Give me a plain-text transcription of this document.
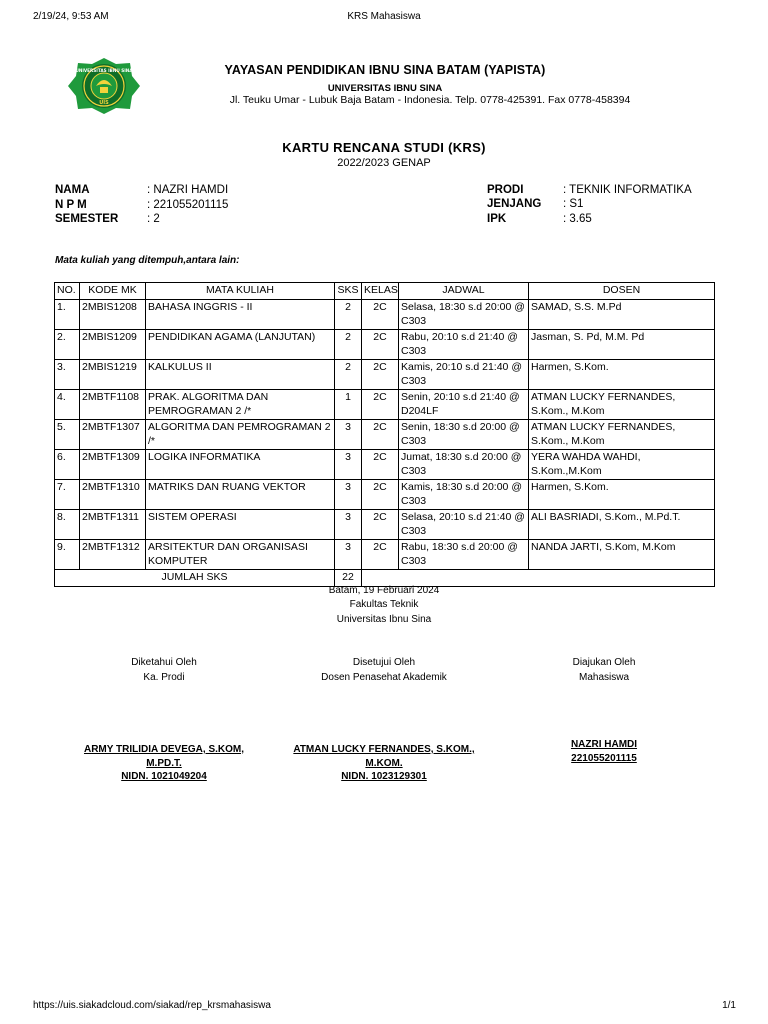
2/19/24, 9:53 AM	KRS Mahasiswa
https://uis.siakadcloud.com/siakad/rep_krsmahasiswa	1/1
UNIVERSITAS IBNU SINA
UIS
YAYASAN PENDIDIKAN IBNU SINA BATAM (YAPISTA)
UNIVERSITAS IBNU SINA
Jl. Teuku Umar - Lubuk Baja Batam - Indonesia. Telp. 0778-425391. Fax 0778-458394
KARTU RENCANA STUDI (KRS)
2022/2023 GENAP
NAMA	: NAZRI HAMDI
N P M	: 221055201115
SEMESTER : 2
PRODI	: TEKNIK INFORMATIKA
JENJANG : S1
IPK	: 3.65
Mata kuliah yang ditempuh,antara lain:
NO.	KODE MK	MATA KULIAH	SKS	KELAS	JADWAL	DOSEN
1.	2MBIS1208	BAHASA INGGRIS - II	2	2C	Selasa, 18:30 s.d 20:00 @ C303	SAMAD, S.S. M.Pd
2.	2MBIS1209	PENDIDIKAN AGAMA (LANJUTAN)	2	2C	Rabu, 20:10 s.d 21:40 @ C303	Jasman, S. Pd, M.M. Pd
3.	2MBIS1219	KALKULUS II	2	2C	Kamis, 20:10 s.d 21:40 @ C303	Harmen, S.Kom.
4.	2MBTF1108	PRAK. ALGORITMA DAN PEMROGRAMAN 2 /*	1	2C	Senin, 20:10 s.d 21:40 @ D204LF	ATMAN LUCKY FERNANDES, S.Kom., M.Kom
5.	2MBTF1307	ALGORITMA DAN PEMROGRAMAN 2 /*	3	2C	Senin, 18:30 s.d 20:00 @ C303	ATMAN LUCKY FERNANDES, S.Kom., M.Kom
6.	2MBTF1309	LOGIKA INFORMATIKA	3	2C	Jumat, 18:30 s.d 20:00 @ C303	YERA WAHDA WAHDI, S.Kom.,M.Kom
7.	2MBTF1310	MATRIKS DAN RUANG VEKTOR	3	2C	Kamis, 18:30 s.d 20:00 @ C303	Harmen, S.Kom.
8.	2MBTF1311	SISTEM OPERASI	3	2C	Selasa, 20:10 s.d 21:40 @ C303	ALI BASRIADI, S.Kom., M.Pd.T.
9.	2MBTF1312	ARSITEKTUR DAN ORGANISASI KOMPUTER	3	2C	Rabu, 18:30 s.d 20:00 @ C303	NANDA JARTI, S.Kom, M.Kom
JUMLAH SKS			22			
Batam, 19 Februari 2024
Fakultas Teknik
Universitas Ibnu Sina
Diketahui Oleh
Ka. Prodi
ARMY TRILIDIA DEVEGA, S.KOM,
M.PD.T.
NIDN. 1021049204
Disetujui Oleh
Dosen Penasehat Akademik
ATMAN LUCKY FERNANDES, S.KOM.,
M.KOM.
NIDN. 1023129301
Diajukan Oleh
Mahasiswa
NAZRI HAMDI
221055201115
